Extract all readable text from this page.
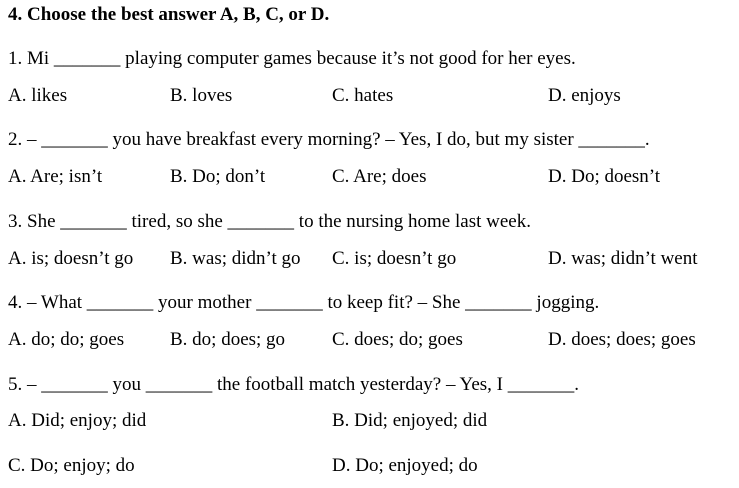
4. Choose the best answer A, B, C, or D.
1. Mi _______ playing computer games because it’s not good for her eyes.
A. likes	B. loves	C. hates	D. enjoys
2. – _______ you have breakfast every morning? – Yes, I do, but my sister _______.
A. Are; isn’t	B. Do; don’t	C. Are; does	D. Do; doesn’t
3. She _______ tired, so she _______ to the nursing home last week.
A. is; doesn’t go B. was; didn’t go C. is; doesn’t go	D. was; didn’t went
4. – What _______ your mother _______ to keep fit? – She _______ jogging.
A. do; do; goes B. do; does; go C. does; do; goes	D. does; does; goes
5. – _______ you _______ the football match yesterday? – Yes, I _______.
A. Did; enjoy; did	B. Did; enjoyed; did
C. Do; enjoy; do	D. Do; enjoyed; do
